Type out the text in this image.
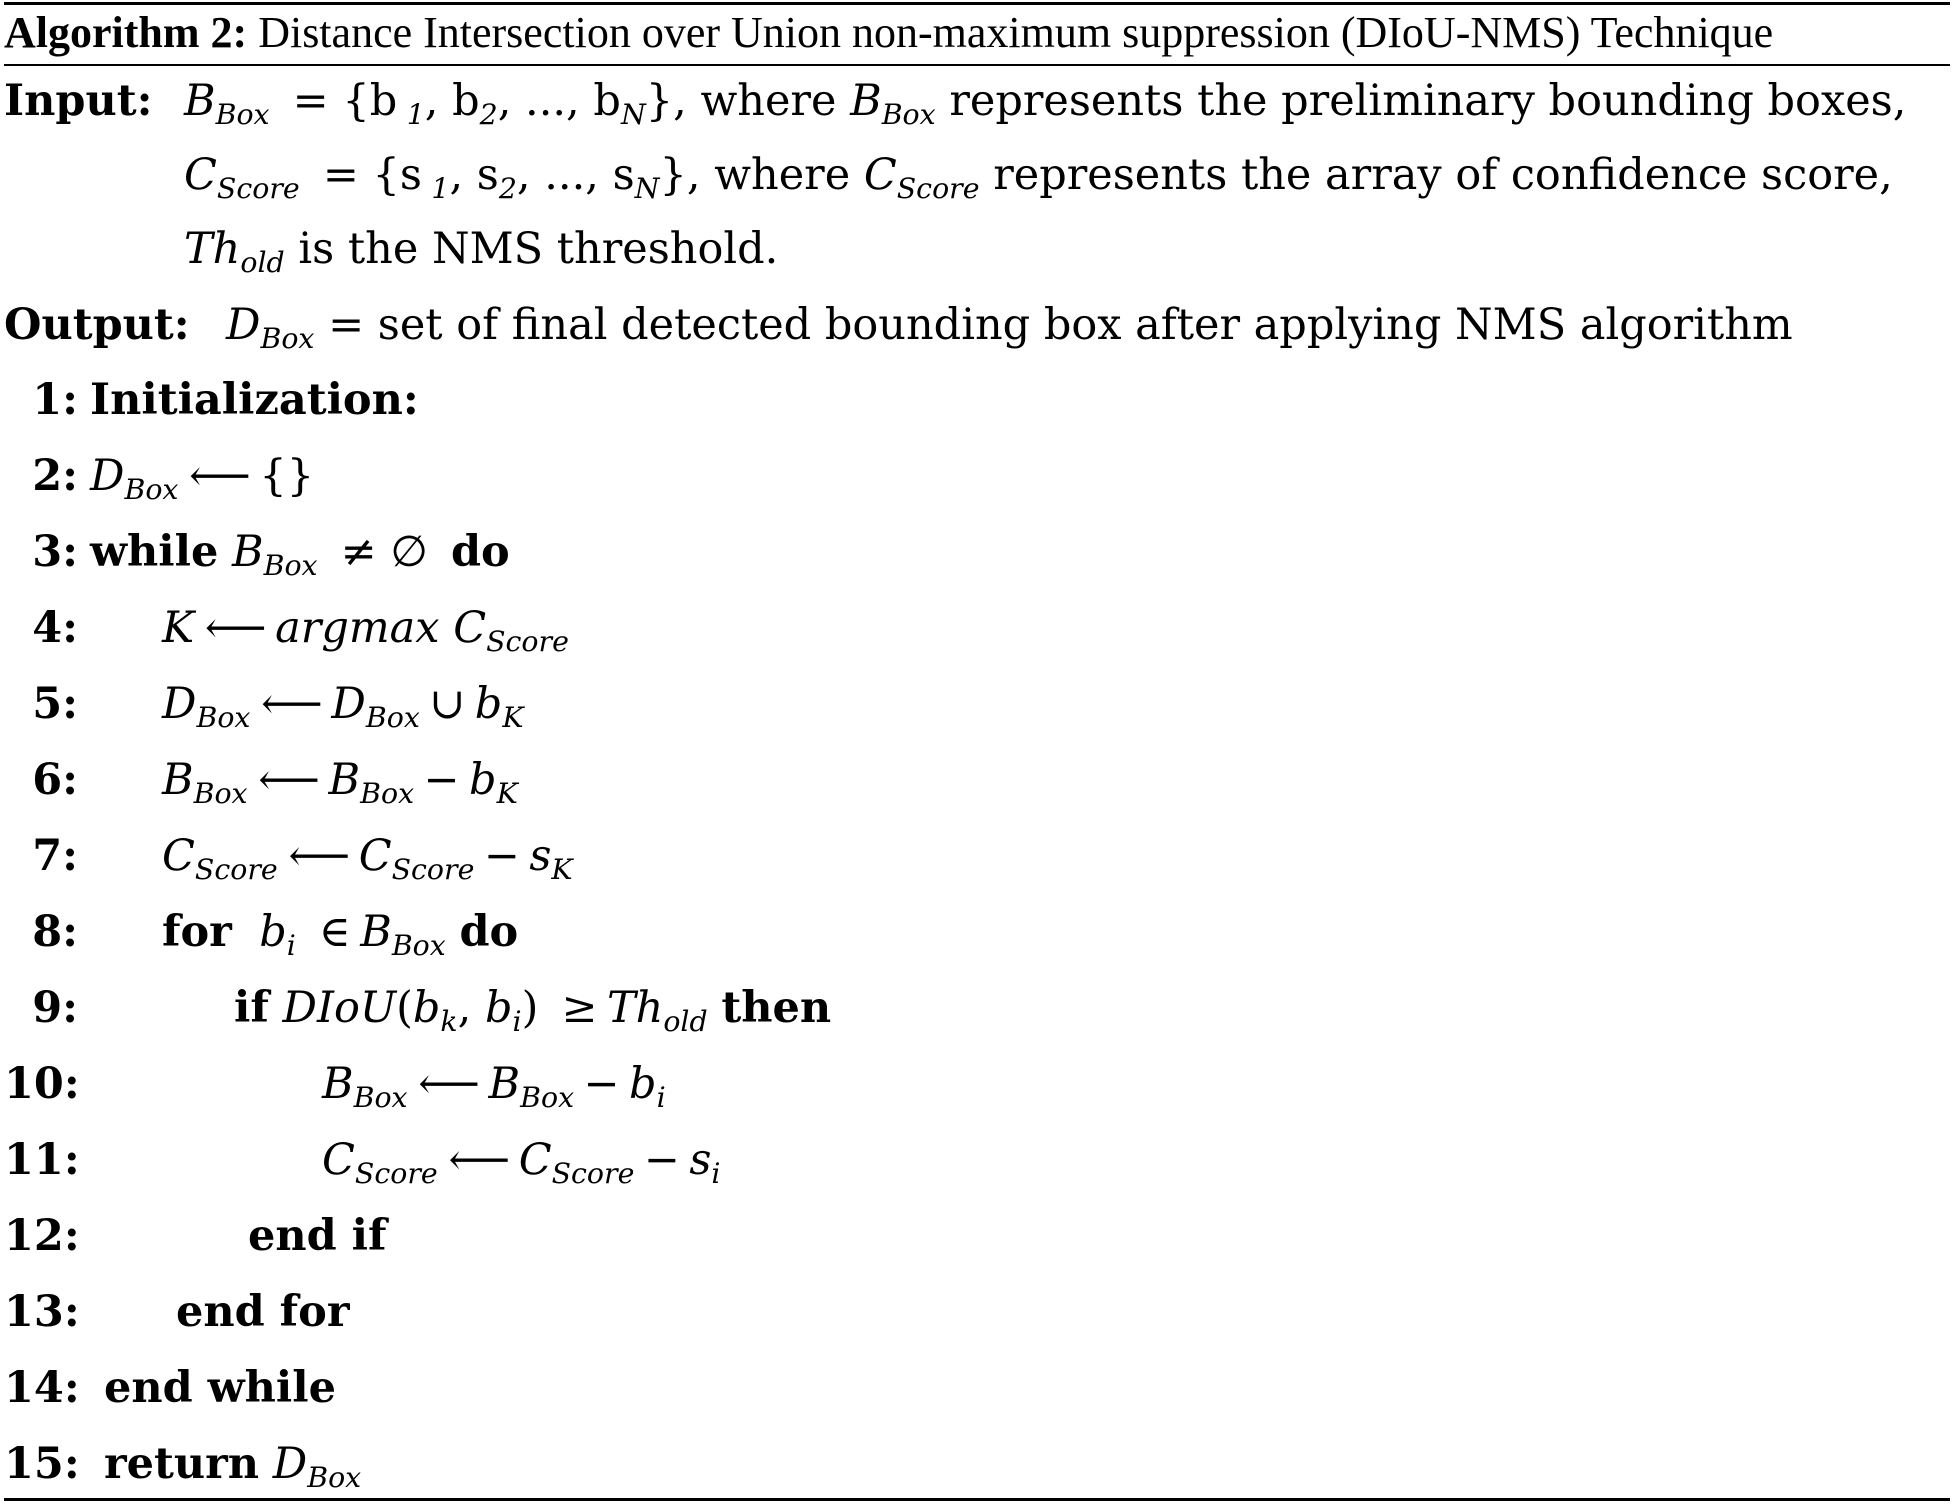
Algorithm 2: Distance Intersection over Union non-maximum suppression (DIoU-NMS) Technique
Input: $B_{Box} = \{b$ $_1$, $b_2$, ..., $b_N$}, where $B_{Box}$ represents the preliminary bounding boxes,
$C_{Score} = \{s$ $_1$, $s_2$, ..., $s_N$}, where $C_{Score}$ represents the array of confidence score,
$Th_{old}$ is the NMS threshold.
Output: $D_{Box}$ = set of final detected bounding box after applying NMS algorithm
1: Initialization:
2: $D_{Box}$ ⟵ {}
3: while $B_{Box}$ ≠ ∅ do
4: K ⟵ argmax $C_{Score}$
5: $D_{Box}$ ⟵ $D_{Box}$ ∪ $b_K$
6: $B_{Box}$ ⟵ $B_{Box} - b_K$
7: $C_{Score}$ ⟵ $C_{Score} - s_K$
8: for $b_i$ ∈ $B_{Box}$ do
9:	if $DIoU(b_k$, $b_i) \ge Th_{old}$ then
10:	$B_{Box}$ ⟵ $B_{Box} - b_i$
11:	$C_{Score}$ ⟵ $C_{Score} - s_i$
12:	end if
13: end for
14: end while
15: return $D_{Box}$
